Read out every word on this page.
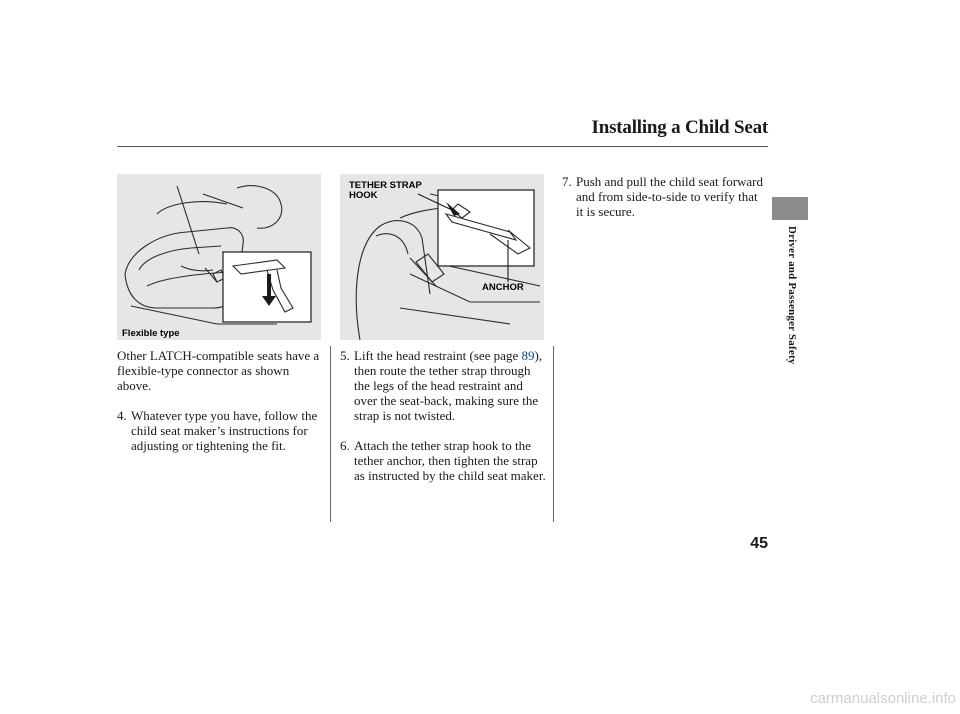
Installing a Child Seat
Driver and Passenger Safety
Flexible type
TETHER STRAP HOOK
ANCHOR

Other LATCH-compatible seats have a flexible-type connector as shown above.

4. Whatever type you have, follow the child seat maker’s instructions for adjusting or tightening the fit.

5. Lift the head restraint (see page 89), then route the tether strap through the legs of the head restraint and over the seat-back, making sure the strap is not twisted.

6. Attach the tether strap hook to the tether anchor, then tighten the strap as instructed by the child seat maker.

7. Push and pull the child seat forward and from side-to-side to verify that it is secure.

45
carmanualsonline.info
